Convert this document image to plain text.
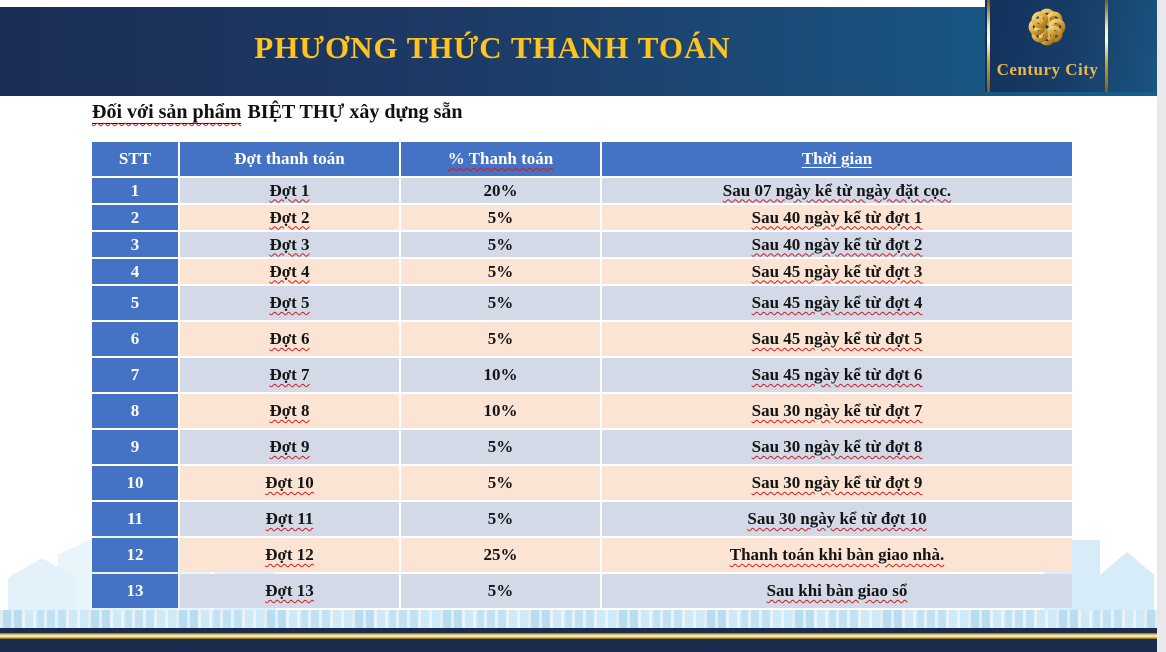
PHƯƠNG THỨC THANH TOÁN
Century City
Đối với sản phẩm BIỆT THỰ xây dựng sẵn
STT	Đợt thanh toán	% Thanh toán	Thời gian
1	Đợt 1	20%	Sau 07 ngày kể từ ngày đặt cọc.
2	Đợt 2	5%	Sau 40 ngày kể từ đợt 1
3	Đợt 3	5%	Sau 40 ngày kể từ đợt 2
4	Đợt 4	5%	Sau 45 ngày kể từ đợt 3
5	Đợt 5	5%	Sau 45 ngày kể từ đợt 4
6	Đợt 6	5%	Sau 45 ngày kể từ đợt 5
7	Đợt 7	10%	Sau 45 ngày kể từ đợt 6
8	Đợt 8	10%	Sau 30 ngày kể từ đợt 7
9	Đợt 9	5%	Sau 30 ngày kể từ đợt 8
10	Đợt 10	5%	Sau 30 ngày kể từ đợt 9
11	Đợt 11	5%	Sau 30 ngày kể từ đợt 10
12	Đợt 12	25%	Thanh toán khi bàn giao nhà.
13	Đợt 13	5%	Sau khi bàn giao sổ
